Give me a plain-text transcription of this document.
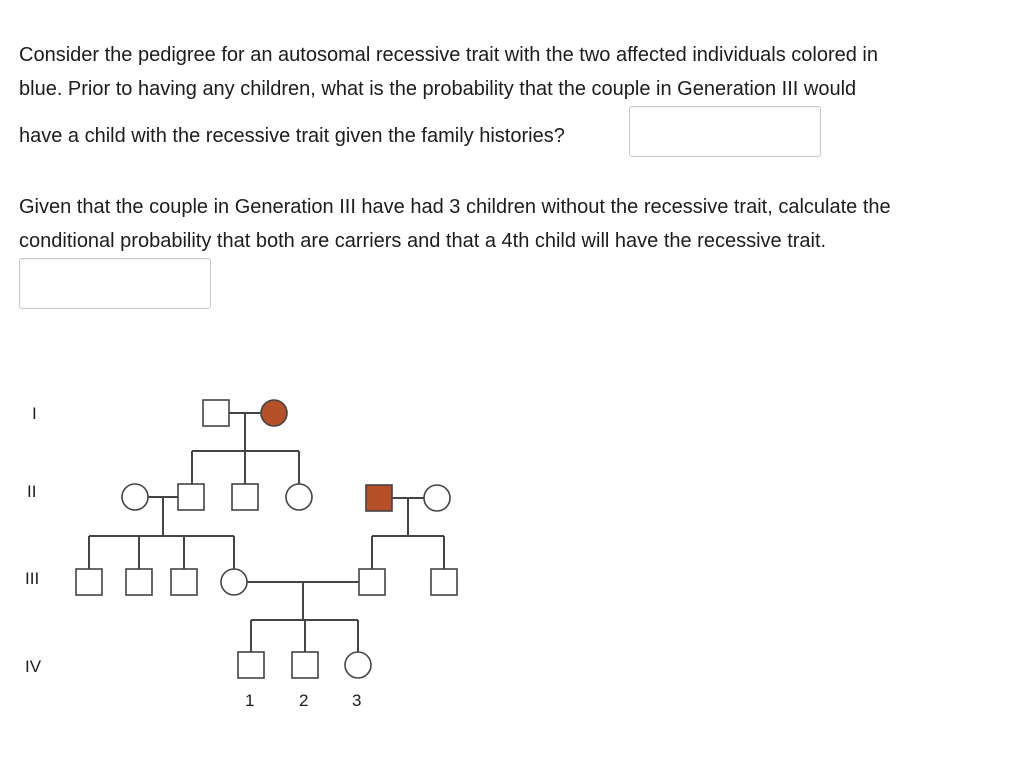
Consider the pedigree for an autosomal recessive trait with the two affected individuals colored in

blue. Prior to having any children, what is the probability that the couple in Generation III would

have a child with the recessive trait given the family histories?

Given that the couple in Generation III have had 3 children without the recessive trait, calculate the

conditional probability that both are carriers and that a 4th child will have the recessive trait.

I
II
III
IV
1	2	3
